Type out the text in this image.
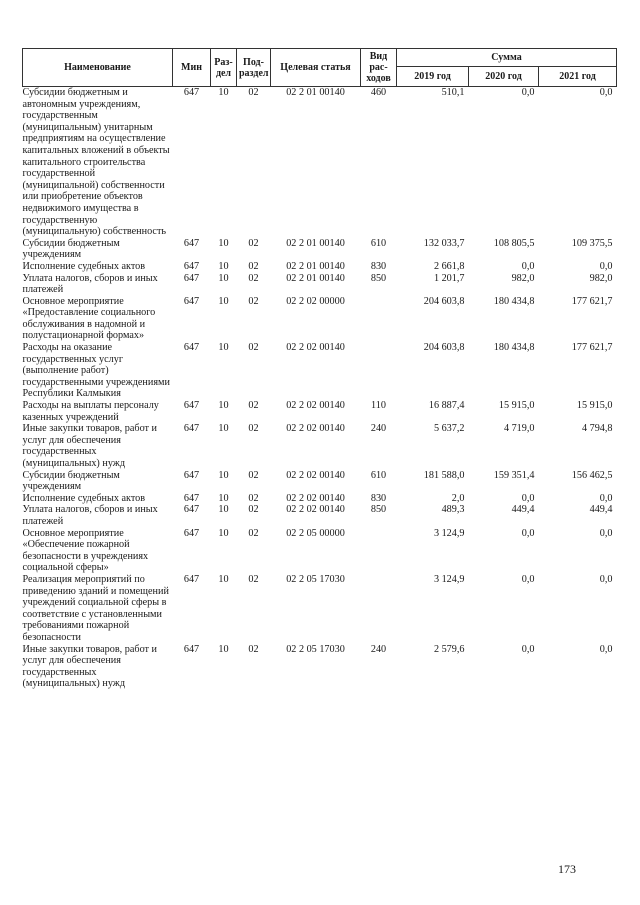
Наименование	Мин	Раз-дел	Под-раздел	Целевая статья	Вид рас-ходов	Сумма		
						2019 год	2020 год	2021 год
Субсидии бюджетным и автономным учреждениям, государственным (муниципальным) унитарным предприятиям на осуществление капитальных вложений в объекты капитального строительства государственной (муниципальной) собственности или приобретение объектов недвижимого имущества в государственную (муниципальную) собственность	647	10	02	02 2 01 00140	460	510,1	0,0	0,0
Субсидии бюджетным учреждениям	647	10	02	02 2 01 00140	610	132 033,7	108 805,5	109 375,5
Исполнение судебных актов	647	10	02	02 2 01 00140	830	2 661,8	0,0	0,0
Уплата налогов, сборов и иных платежей	647	10	02	02 2 01 00140	850	1 201,7	982,0	982,0
Основное мероприятие «Предоставление социального обслуживания в надомной и полустационарной формах»	647	10	02	02 2 02 00000		204 603,8	180 434,8	177 621,7
Расходы на оказание государственных услуг (выполнение работ) государственными учреждениями Республики Калмыкия	647	10	02	02 2 02 00140		204 603,8	180 434,8	177 621,7
Расходы на выплаты персоналу казенных учреждений	647	10	02	02 2 02 00140	110	16 887,4	15 915,0	15 915,0
Иные закупки товаров, работ и услуг для обеспечения государственных (муниципальных) нужд	647	10	02	02 2 02 00140	240	5 637,2	4 719,0	4 794,8
Субсидии бюджетным учреждениям	647	10	02	02 2 02 00140	610	181 588,0	159 351,4	156 462,5
Исполнение судебных актов	647	10	02	02 2 02 00140	830	2,0	0,0	0,0
Уплата налогов, сборов и иных платежей	647	10	02	02 2 02 00140	850	489,3	449,4	449,4
Основное мероприятие «Обеспечение пожарной безопасности в учреждениях социальной сферы»	647	10	02	02 2 05 00000		3 124,9	0,0	0,0
Реализация мероприятий по приведению зданий и помещений учреждений социальной сферы в соответствие с установленными требованиями пожарной безопасности	647	10	02	02 2 05 17030		3 124,9	0,0	0,0
Иные закупки товаров, работ и услуг для обеспечения государственных (муниципальных) нужд	647	10	02	02 2 05 17030	240	2 579,6	0,0	0,0
173
